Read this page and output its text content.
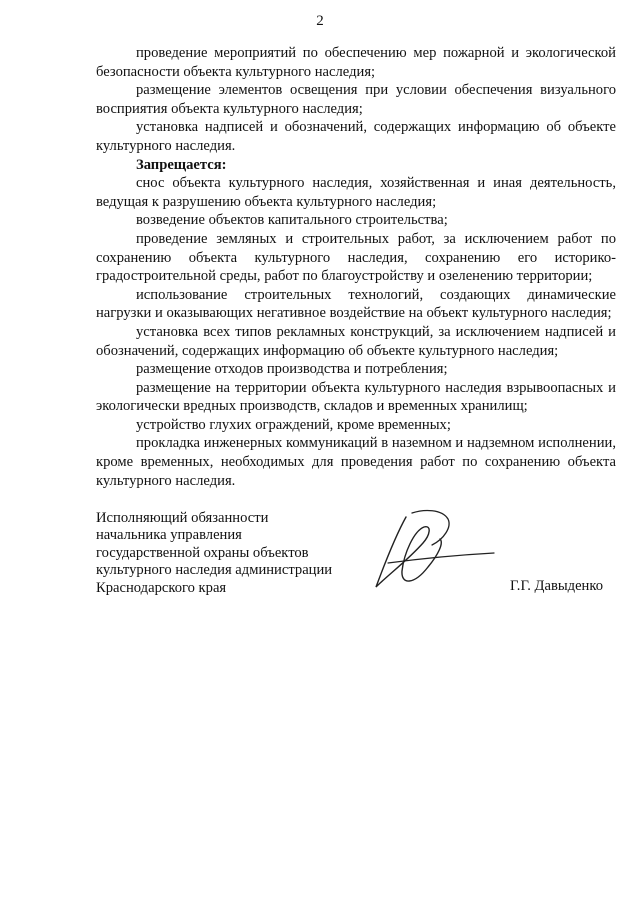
2

проведение мероприятий по обеспечению мер пожарной и экологической безопасности объекта культурного наследия;

размещение элементов освещения при условии обеспечения визуального восприятия объекта культурного наследия;

установка надписей и обозначений, содержащих информацию об объекте культурного наследия.

Запрещается:

снос объекта культурного наследия, хозяйственная и иная деятельность, ведущая к разрушению объекта культурного наследия;

возведение объектов капитального строительства;

проведение земляных и строительных работ, за исключением работ по сохранению объекта культурного наследия, сохранению его историко-градостроительной среды, работ по благоустройству и озеленению территории;

использование строительных технологий, создающих динамические нагрузки и оказывающих негативное воздействие на объект культурного наследия;

установка всех типов рекламных конструкций, за исключением надписей и обозначений, содержащих информацию об объекте культурного наследия;

размещение отходов производства и потребления;

размещение на территории объекта культурного наследия взрывоопасных и экологически вредных производств, складов и временных хранилищ;

устройство глухих ограждений, кроме временных;

прокладка инженерных коммуникаций в наземном и надземном исполнении, кроме временных, необходимых для проведения работ по сохранению объекта культурного наследия.

Исполняющий обязанности
начальника управления
государственной охраны объектов
культурного наследия администрации
Краснодарского края	Г.Г. Давыденко
